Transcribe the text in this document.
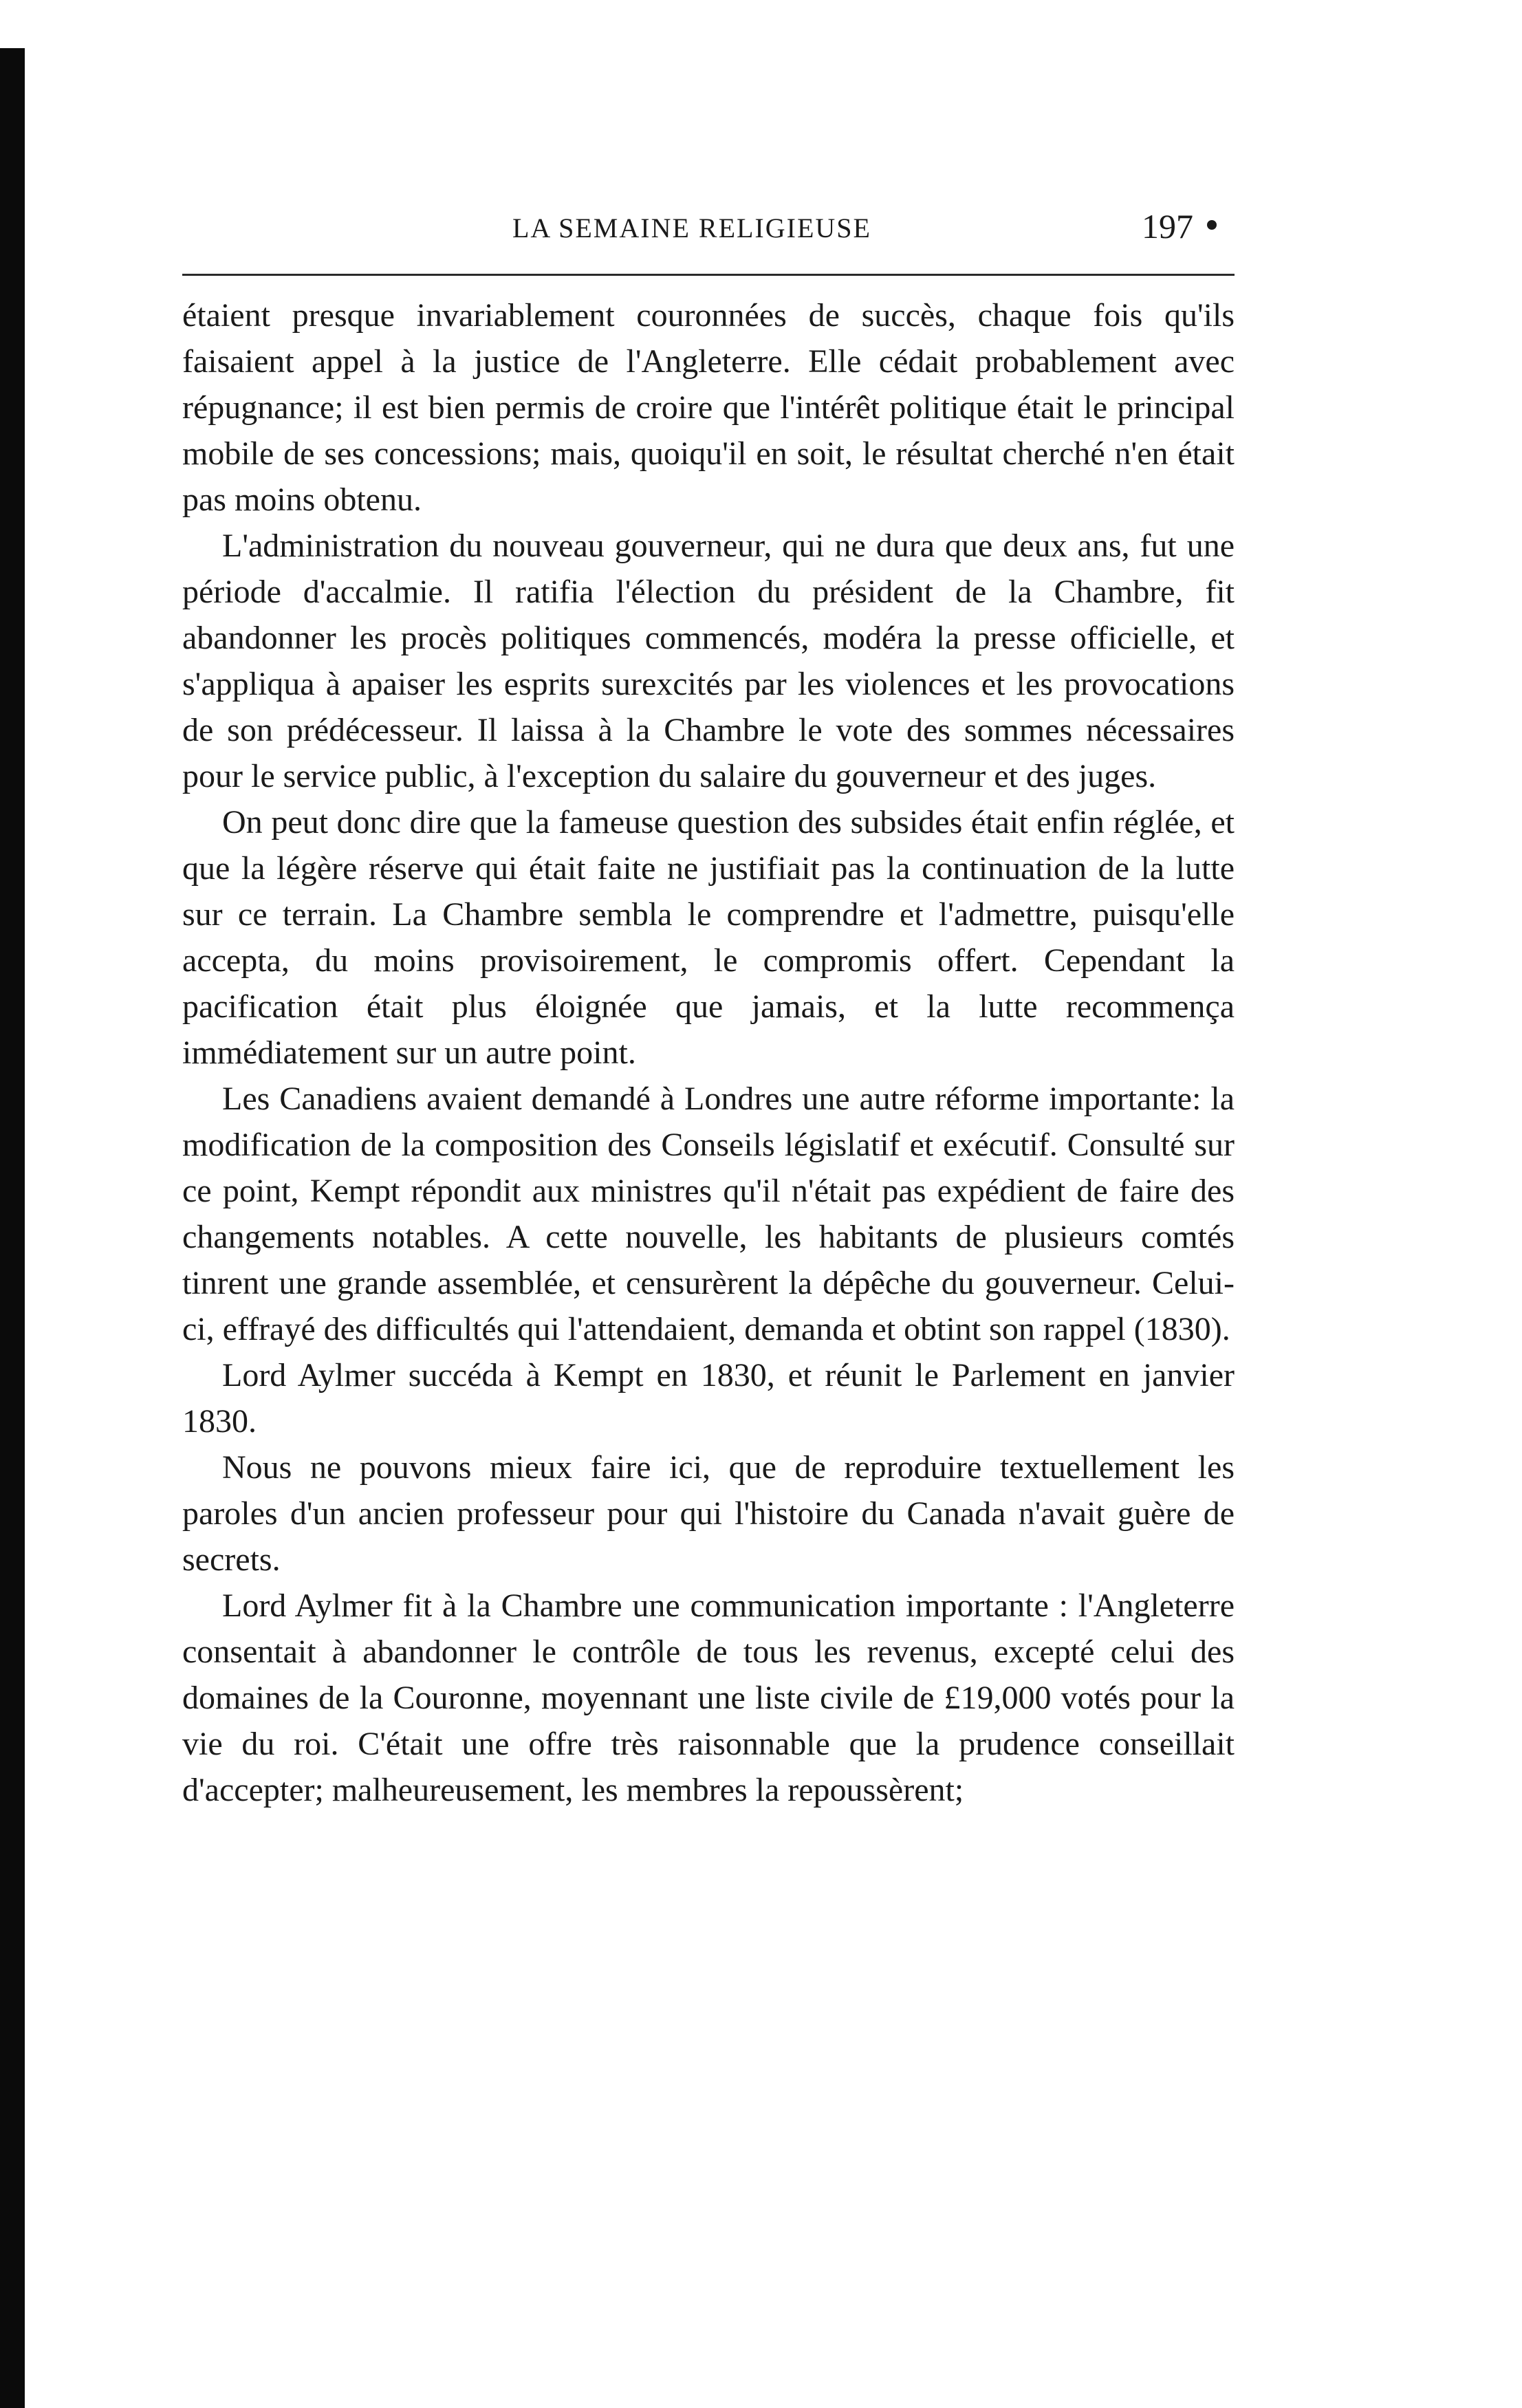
LA SEMAINE RELIGIEUSE	197

étaient presque invariablement couronnées de succès, chaque fois qu'ils faisaient appel à la justice de l'Angleterre. Elle cédait probablement avec répugnance; il est bien permis de croire que l'intérêt politique était le principal mobile de ses concessions; mais, quoiqu'il en soit, le résultat cherché n'en était pas moins obtenu.

L'administration du nouveau gouverneur, qui ne dura que deux ans, fut une période d'accalmie. Il ratifia l'élection du président de la Chambre, fit abandonner les procès politiques commencés, modéra la presse officielle, et s'appliqua à apaiser les esprits surexcités par les violences et les provocations de son prédécesseur. Il laissa à la Chambre le vote des sommes nécessaires pour le service public, à l'exception du salaire du gouverneur et des juges.

On peut donc dire que la fameuse question des subsides était enfin réglée, et que la légère réserve qui était faite ne justifiait pas la continuation de la lutte sur ce terrain. La Chambre sembla le comprendre et l'admettre, puisqu'elle accepta, du moins provisoirement, le compromis offert. Cependant la pacification était plus éloignée que jamais, et la lutte recommença immédiatement sur un autre point.

Les Canadiens avaient demandé à Londres une autre réforme importante: la modification de la composition des Conseils législatif et exécutif. Consulté sur ce point, Kempt répondit aux ministres qu'il n'était pas expédient de faire des changements notables. A cette nouvelle, les habitants de plusieurs comtés tinrent une grande assemblée, et censurèrent la dépêche du gouverneur. Celui-ci, effrayé des difficultés qui l'attendaient, demanda et obtint son rappel (1830).

Lord Aylmer succéda à Kempt en 1830, et réunit le Parlement en janvier 1830.

Nous ne pouvons mieux faire ici, que de reproduire textuellement les paroles d'un ancien professeur pour qui l'histoire du Canada n'avait guère de secrets.

Lord Aylmer fit à la Chambre une communication importante : l'Angleterre consentait à abandonner le contrôle de tous les revenus, excepté celui des domaines de la Couronne, moyennant une liste civile de £19,000 votés pour la vie du roi. C'était une offre très raisonnable que la prudence conseillait d'accepter; malheureusement, les membres la repoussèrent;
